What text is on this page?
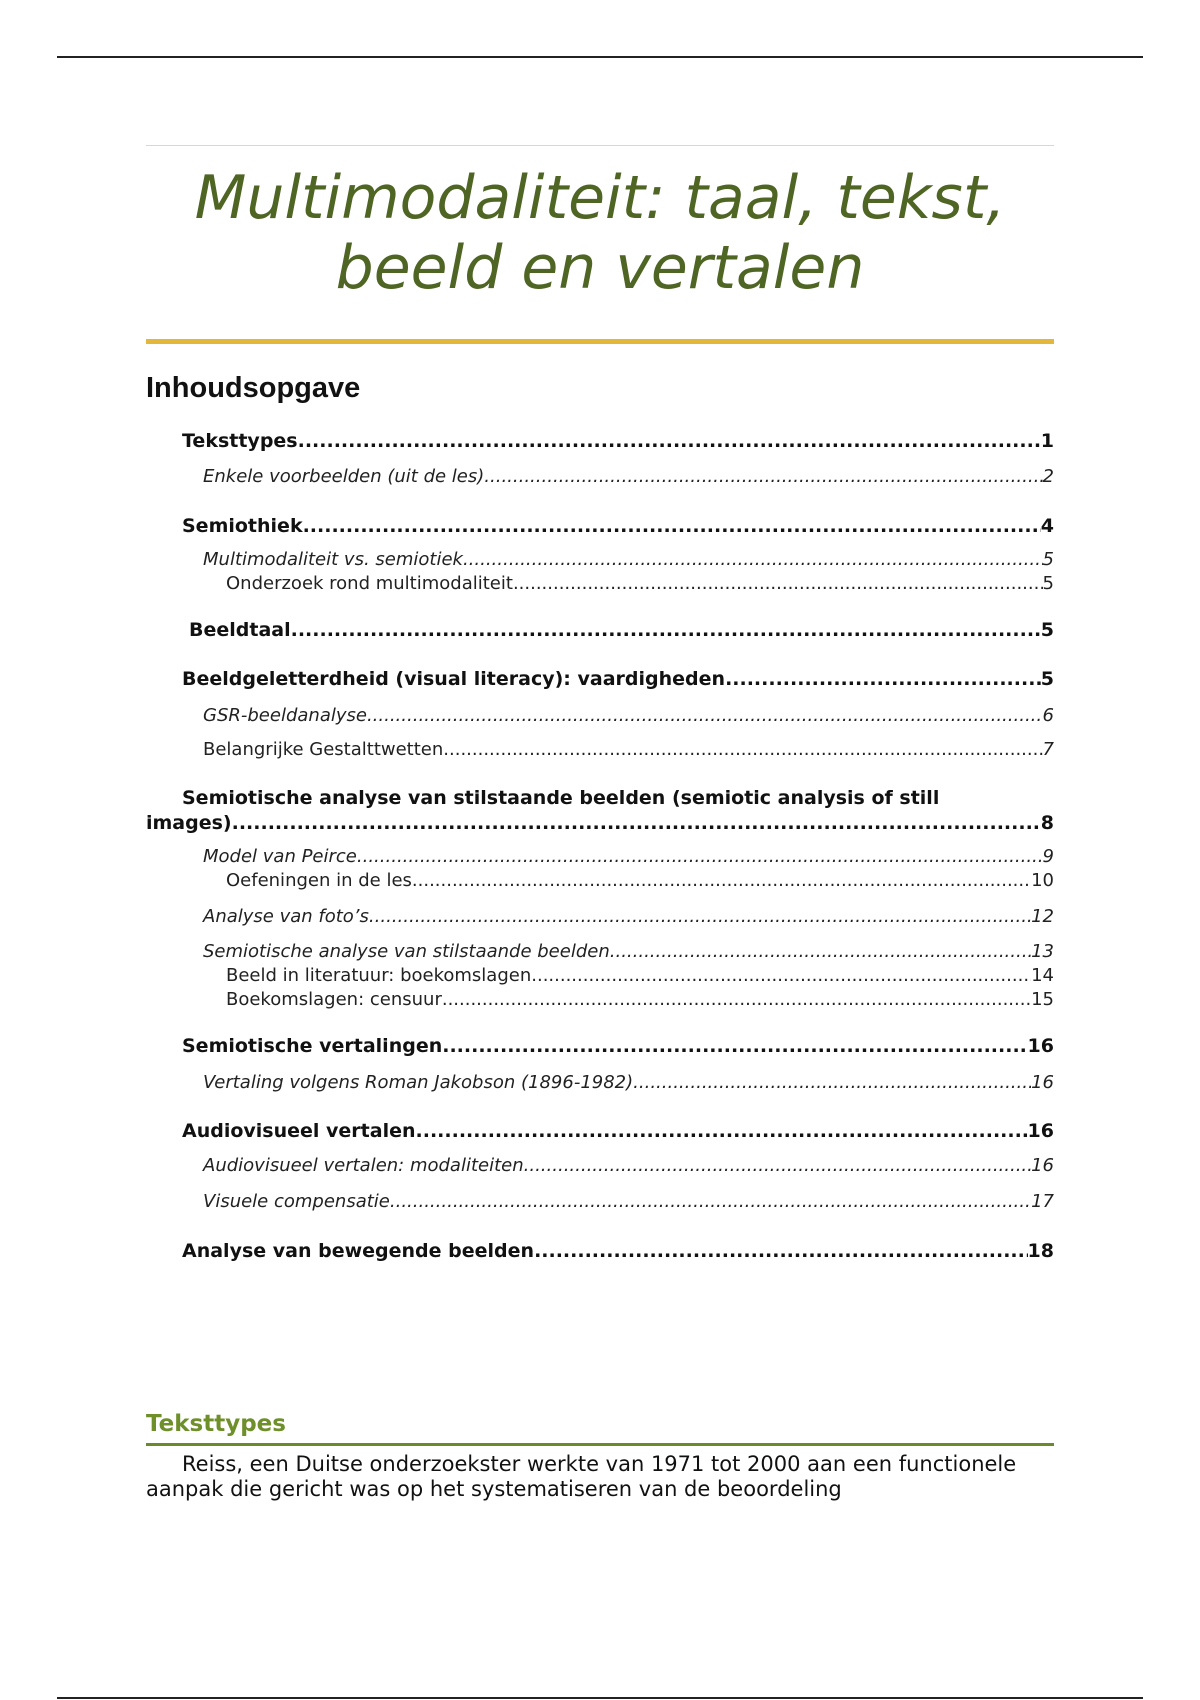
Multimodaliteit: taal, tekst, beeld en vertalen
Inhoudsopgave
Teksttypes .....	1
Enkele voorbeelden (uit de les) .....	2
Semiothiek .....	4
Multimodaliteit vs. semiotiek .....	5
Onderzoek rond multimodaliteit .....	5
Beeldtaal .....	5
Beeldgeletterdheid (visual literacy): vaardigheden .....	5
GSR-beeldanalyse .....	6
Belangrijke Gestalttwetten .....	7
Semiotische analyse van stilstaande beelden (semiotic analysis of still
images) .....	8
Model van Peirce .....	9
Oefeningen in de les .....	10
Analyse van foto’s .....	12
Semiotische analyse van stilstaande beelden .....	13
Beeld in literatuur: boekomslagen .....	14
Boekomslagen: censuur .....	15
Semiotische vertalingen .....	16
Vertaling volgens Roman Jakobson (1896-1982) .....	16
Audiovisueel vertalen .....	16
Audiovisueel vertalen: modaliteiten .....	16
Visuele compensatie .....	17
Analyse van bewegende beelden .....	18
Teksttypes

Reiss, een Duitse onderzoekster werkte van 1971 tot 2000 aan een functionele aanpak die gericht was op het systematiseren van de beoordeling
